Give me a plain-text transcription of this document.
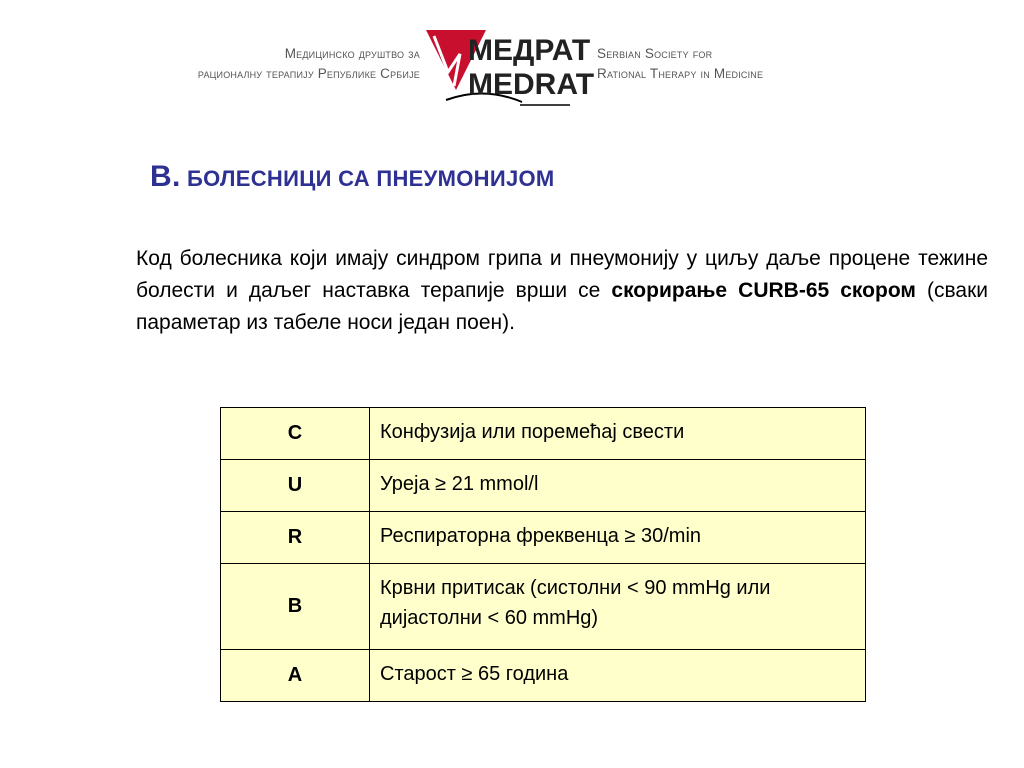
Медицинско друштво за
рационалну терапију Републике Србије
МЕДРАТ
MEDRAT
Serbian Society for
Rational Therapy in Medicine
B. БОЛЕСНИЦИ СА ПНЕУМОНИЈОМ
Код болесника који имају синдром грипа и пнеумонију у циљу даље процене тежине болести и даљег наставка терапије врши се скорирање CURB-65 скором (сваки параметар из табеле носи један поен).
C	Конфузија или поремећај свести
U	Уреја ≥ 21 mmol/l
R	Респираторна фреквенца ≥ 30/min
B	Крвни притисак (систолни < 90 mmHg или дијастолни < 60 mmHg)
A	Старост ≥ 65 година
